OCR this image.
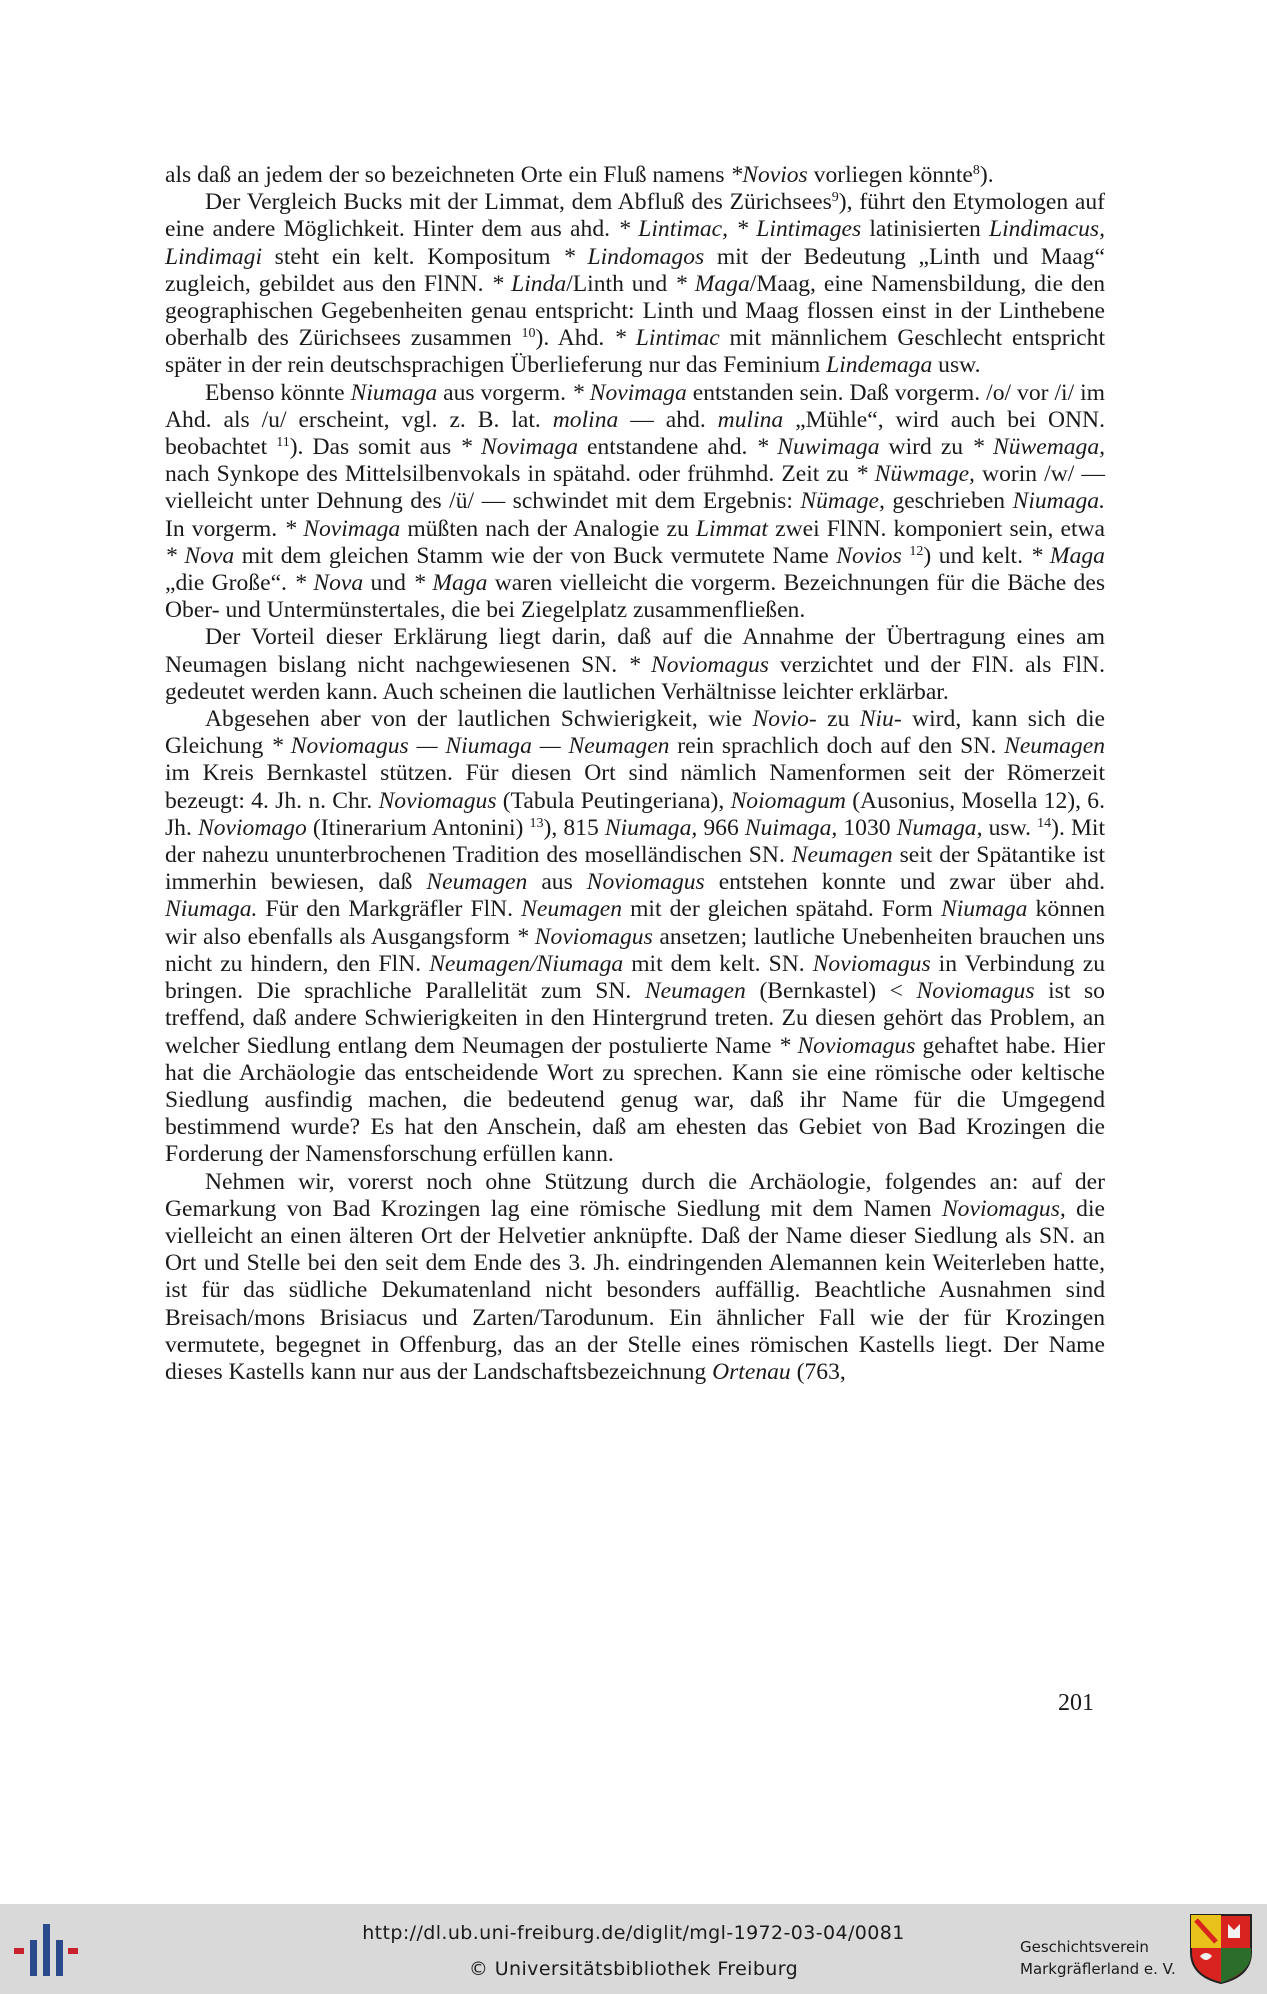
als daß an jedem der so bezeichneten Orte ein Fluß namens *Novios vorliegen könnte$^8$).

Der Vergleich Bucks mit der Limmat, dem Abfluß des Zürichsees$^9$), führt den Etymologen auf eine andere Möglichkeit. Hinter dem aus ahd. * Lintimac, * Lintimages latinisierten Lindimacus, Lindimagi steht ein kelt. Kompositum * Lindomagos mit der Bedeutung „Linth und Maag“ zugleich, gebildet aus den FlNN. * Linda/Linth und * Maga/Maag, eine Namensbildung, die den geographischen Gegebenheiten genau entspricht: Linth und Maag flossen einst in der Linthebene oberhalb des Zürichsees zusammen $^{10}$). Ahd. * Lintimac mit männlichem Geschlecht entspricht später in der rein deutschsprachigen Überlieferung nur das Feminium Lindemaga usw.

Ebenso könnte Niumaga aus vorgerm. * Novimaga entstanden sein. Daß vorgerm. /o/ vor /i/ im Ahd. als /u/ erscheint, vgl. z. B. lat. molina — ahd. mulina „Mühle“, wird auch bei ONN. beobachtet $^{11}$). Das somit aus * Novimaga entstandene ahd. * Nuwimaga wird zu * Nüwemaga, nach Synkope des Mittelsilbenvokals in spätahd. oder frühmhd. Zeit zu * Nüwmage, worin /w/ — vielleicht unter Dehnung des /ü/ — schwindet mit dem Ergebnis: Nümage, geschrieben Niumaga. In vorgerm. * Novimaga müßten nach der Analogie zu Limmat zwei FlNN. komponiert sein, etwa * Nova mit dem gleichen Stamm wie der von Buck vermutete Name Novios $^{12}$) und kelt. * Maga „die Große“. * Nova und * Maga waren vielleicht die vorgerm. Bezeichnungen für die Bäche des Ober- und Untermünstertales, die bei Ziegelplatz zusammenfließen.

Der Vorteil dieser Erklärung liegt darin, daß auf die Annahme der Übertragung eines am Neumagen bislang nicht nachgewiesenen SN. * Noviomagus verzichtet und der FlN. als FlN. gedeutet werden kann. Auch scheinen die lautlichen Verhältnisse leichter erklärbar.

Abgesehen aber von der lautlichen Schwierigkeit, wie Novio- zu Niu- wird, kann sich die Gleichung * Noviomagus — Niumaga — Neumagen rein sprachlich doch auf den SN. Neumagen im Kreis Bernkastel stützen. Für diesen Ort sind nämlich Namenformen seit der Römerzeit bezeugt: 4. Jh. n. Chr. Noviomagus (Tabula Peutingeriana), Noiomagum (Ausonius, Mosella 12), 6. Jh. Noviomago (Itinerarium Antonini) $^{13}$), 815 Niumaga, 966 Nuimaga, 1030 Numaga, usw. $^{14}$). Mit der nahezu ununterbrochenen Tradition des moselländischen SN. Neumagen seit der Spätantike ist immerhin bewiesen, daß Neumagen aus Noviomagus entstehen konnte und zwar über ahd. Niumaga. Für den Markgräfler FlN. Neumagen mit der gleichen spätahd. Form Niumaga können wir also ebenfalls als Ausgangsform * Noviomagus ansetzen; lautliche Unebenheiten brauchen uns nicht zu hindern, den FlN. Neumagen/Niumaga mit dem kelt. SN. Noviomagus in Verbindung zu bringen. Die sprachliche Parallelität zum SN. Neumagen (Bernkastel) < Noviomagus ist so treffend, daß andere Schwierigkeiten in den Hintergrund treten. Zu diesen gehört das Problem, an welcher Siedlung entlang dem Neumagen der postulierte Name * Noviomagus gehaftet habe. Hier hat die Archäologie das entscheidende Wort zu sprechen. Kann sie eine römische oder keltische Siedlung ausfindig machen, die bedeutend genug war, daß ihr Name für die Umgegend bestimmend wurde? Es hat den Anschein, daß am ehesten das Gebiet von Bad Krozingen die Forderung der Namensforschung erfüllen kann.

Nehmen wir, vorerst noch ohne Stützung durch die Archäologie, folgendes an: auf der Gemarkung von Bad Krozingen lag eine römische Siedlung mit dem Namen Noviomagus, die vielleicht an einen älteren Ort der Helvetier anknüpfte. Daß der Name dieser Siedlung als SN. an Ort und Stelle bei den seit dem Ende des 3. Jh. eindringenden Alemannen kein Weiterleben hatte, ist für das südliche Dekumatenland nicht besonders auffällig. Beachtliche Ausnahmen sind Breisach/mons Brisiacus und Zarten/Tarodunum. Ein ähnlicher Fall wie der für Krozingen vermutete, begegnet in Offenburg, das an der Stelle eines römischen Kastells liegt. Der Name dieses Kastells kann nur aus der Landschaftsbezeichnung Ortenau (763,

201
http://dl.ub.uni-freiburg.de/diglit/mgl-1972-03-04/0081
© Universitätsbibliothek Freiburg
Geschichtsverein
Markgräflerland e. V.
